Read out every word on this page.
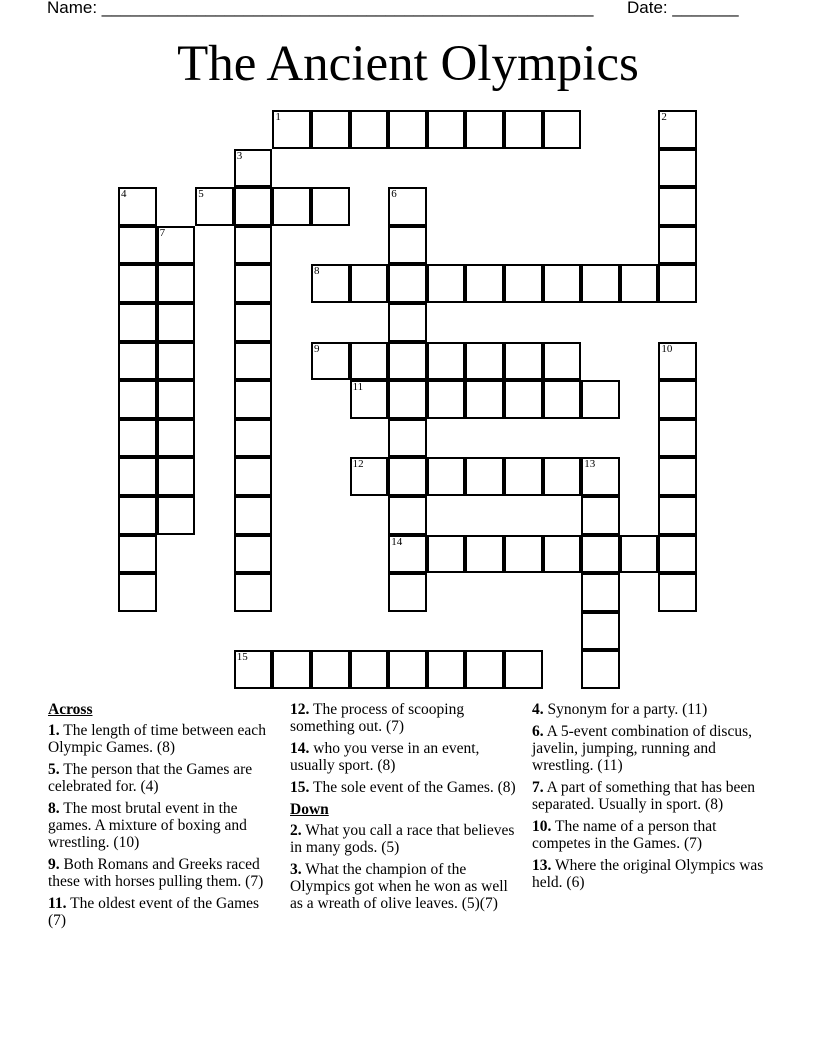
Name: ____________________________________________________ Date: _______
The Ancient Olympics
1	2
3
4	5	6
14
7
8
9	10
11
12	13
15
Across
1. The length of time between each Olympic Games. (8)
5. The person that the Games are celebrated for. (4)
8. The most brutal event in the games. A mixture of boxing and wrestling. (10)
9. Both Romans and Greeks raced these with horses pulling them. (7)
11. The oldest event of the Games (7)
12. The process of scooping something out. (7)
14. who you verse in an event, usually sport. (8)
15. The sole event of the Games. (8)
Down
2. What you call a race that believes in many gods. (5)
3. What the champion of the Olympics got when he won as well as a wreath of olive leaves. (5)(7)
4. Synonym for a party. (11)
6. A 5-event combination of discus, javelin, jumping, running and wrestling. (11)
7. A part of something that has been separated. Usually in sport. (8)
10. The name of a person that competes in the Games. (7)
13. Where the original Olympics was held. (6)
